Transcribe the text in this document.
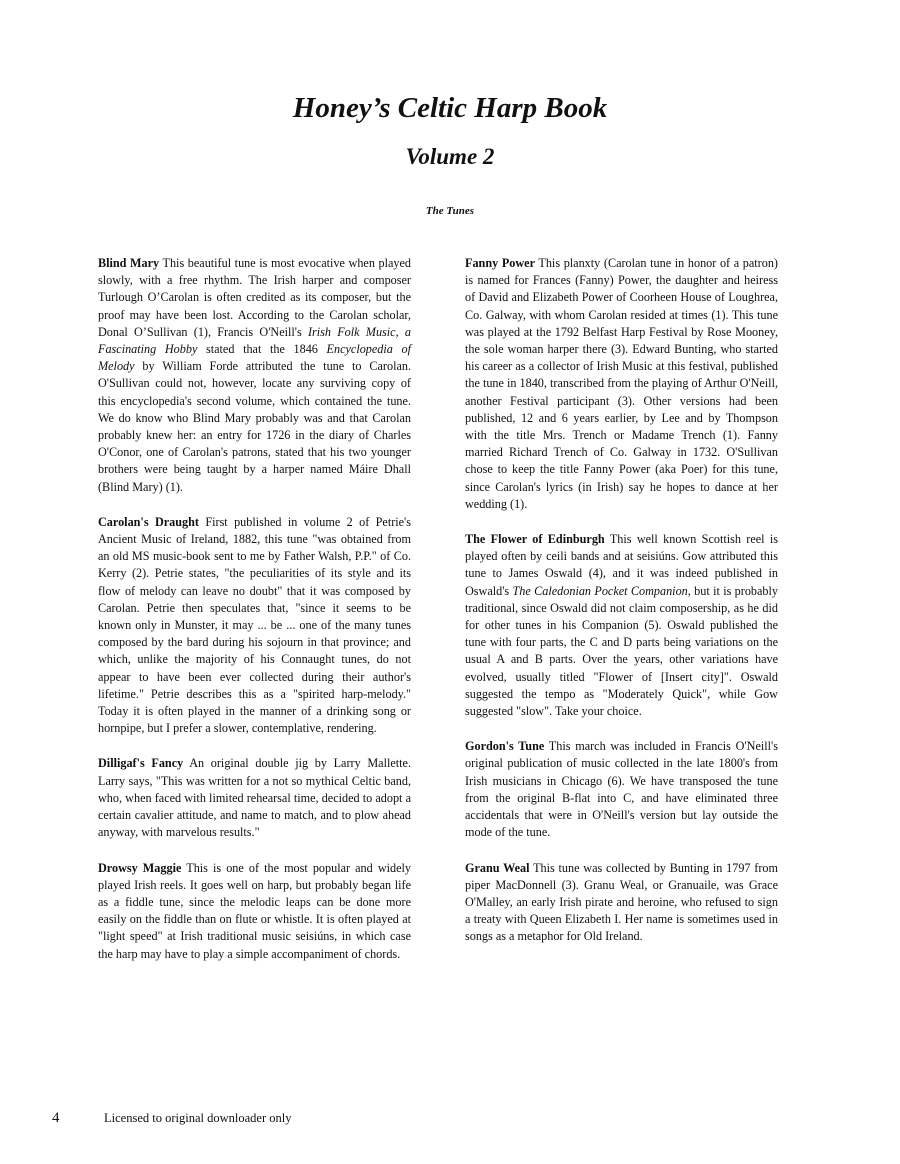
Honey’s Celtic Harp Book
Volume 2
The Tunes

Blind Mary This beautiful tune is most evocative when played slowly, with a free rhythm. The Irish harper and composer Turlough O’Carolan is often credited as its composer, but the proof may have been lost. According to the Carolan scholar, Donal O’Sullivan (1), Francis O'Neill's Irish Folk Music, a Fascinating Hobby stated that the 1846 Encyclopedia of Melody by William Forde attributed the tune to Carolan. O'Sullivan could not, however, locate any surviving copy of this encyclopedia's second volume, which contained the tune. We do know who Blind Mary probably was and that Carolan probably knew her: an entry for 1726 in the diary of Charles O'Conor, one of Carolan's patrons, stated that his two younger brothers were being taught by a harper named Máire Dhall (Blind Mary) (1).

Carolan's Draught First published in volume 2 of Petrie's Ancient Music of Ireland, 1882, this tune "was obtained from an old MS music-book sent to me by Father Walsh, P.P." of Co. Kerry (2). Petrie states, "the peculiarities of its style and its flow of melody can leave no doubt" that it was composed by Carolan. Petrie then speculates that, "since it seems to be known only in Munster, it may ... be ... one of the many tunes composed by the bard during his sojourn in that province; and which, unlike the majority of his Connaught tunes, do not appear to have been ever collected during their author's lifetime." Petrie describes this as a "spirited harp-melody." Today it is often played in the manner of a drinking song or hornpipe, but I prefer a slower, contemplative, rendering.

Dilligaf's Fancy An original double jig by Larry Mallette. Larry says, "This was written for a not so mythical Celtic band, who, when faced with limited rehearsal time, decided to adopt a certain cavalier attitude, and name to match, and to plow ahead anyway, with marvelous results."

Drowsy Maggie This is one of the most popular and widely played Irish reels. It goes well on harp, but probably began life as a fiddle tune, since the melodic leaps can be done more easily on the fiddle than on flute or whistle. It is often played at "light speed" at Irish traditional music seisiúns, in which case the harp may have to play a simple accompaniment of chords.

Fanny Power This planxty (Carolan tune in honor of a patron) is named for Frances (Fanny) Power, the daughter and heiress of David and Elizabeth Power of Coorheen House of Loughrea, Co. Galway, with whom Carolan resided at times (1). This tune was played at the 1792 Belfast Harp Festival by Rose Mooney, the sole woman harper there (3). Edward Bunting, who started his career as a collector of Irish Music at this festival, published the tune in 1840, transcribed from the playing of Arthur O'Neill, another Festival participant (3). Other versions had been published, 12 and 6 years earlier, by Lee and by Thompson with the title Mrs. Trench or Madame Trench (1). Fanny married Richard Trench of Co. Galway in 1732. O'Sullivan chose to keep the title Fanny Power (aka Poer) for this tune, since Carolan's lyrics (in Irish) say he hopes to dance at her wedding (1).

The Flower of Edinburgh This well known Scottish reel is played often by ceili bands and at seisiúns. Gow attributed this tune to James Oswald (4), and it was indeed published in Oswald's The Caledonian Pocket Companion, but it is probably traditional, since Oswald did not claim composership, as he did for other tunes in his Companion (5). Oswald published the tune with four parts, the C and D parts being variations on the usual A and B parts. Over the years, other variations have evolved, usually titled "Flower of [Insert city]". Oswald suggested the tempo as "Moderately Quick", while Gow suggested "slow". Take your choice.

Gordon's Tune This march was included in Francis O'Neill's original publication of music collected in the late 1800's from Irish musicians in Chicago (6). We have transposed the tune from the original B-flat into C, and have eliminated three accidentals that were in O'Neill's version but lay outside the mode of the tune.

Granu Weal This tune was collected by Bunting in 1797 from piper MacDonnell (3). Granu Weal, or Granuaile, was Grace O'Malley, an early Irish pirate and heroine, who refused to sign a treaty with Queen Elizabeth I. Her name is sometimes used in songs as a metaphor for Old Ireland.

4	Licensed to original downloader only
